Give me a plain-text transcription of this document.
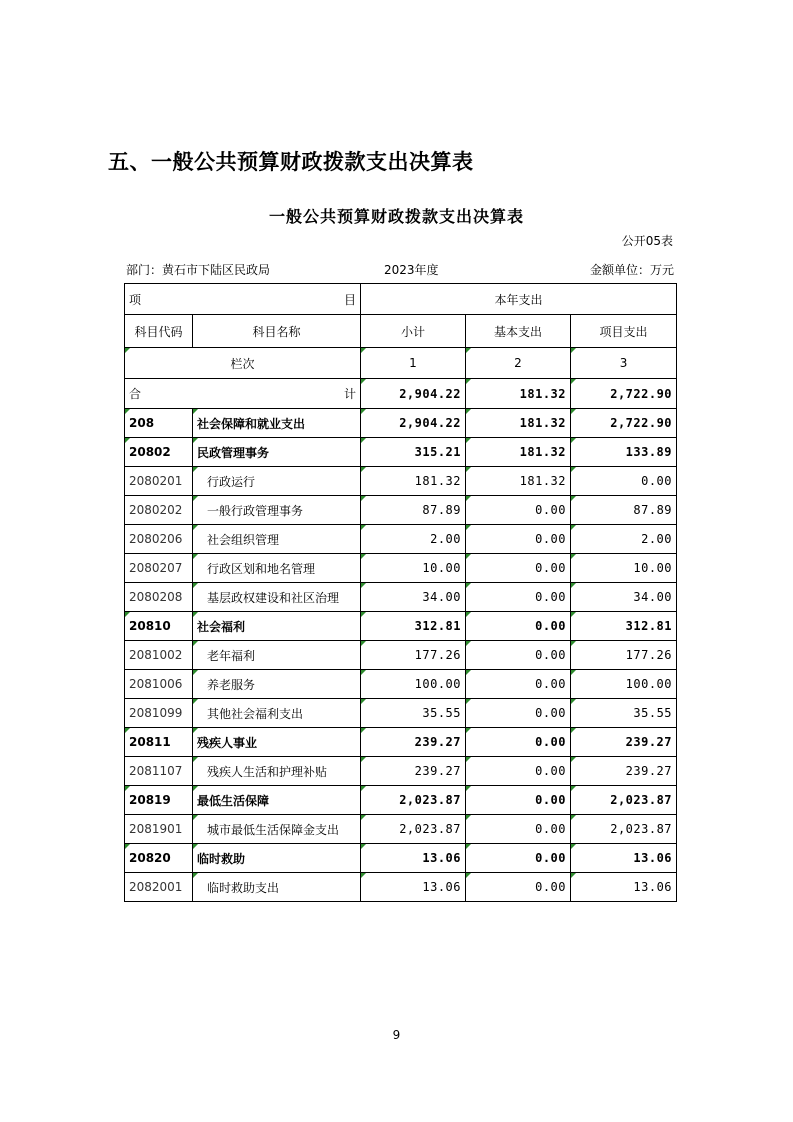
五、一般公共预算财政拨款支出决算表
一般公共预算财政拨款支出决算表
公开05表
部门：黄石市下陆区民政局	2023年度	金额单位：万元
项 目		本年支出		
科目代码	科目名称	小计	基本支出	项目支出
栏次		1	2	3

合 计		2,904.22	181.32	2,722.90
208	社会保障和就业支出	2,904.22	181.32	2,722.90
20802	民政管理事务	315.21	181.32	133.89
2080201	行政运行	181.32	181.32	0.00
2080202	一般行政管理事务	87.89	0.00	87.89
2080206	社会组织管理	2.00	0.00	2.00
2080207	行政区划和地名管理	10.00	0.00	10.00
2080208	基层政权建设和社区治理	34.00	0.00	34.00
20810	社会福利	312.81	0.00	312.81
2081002	老年福利	177.26	0.00	177.26
2081006	养老服务	100.00	0.00	100.00
2081099	其他社会福利支出	35.55	0.00	35.55
20811	残疾人事业	239.27	0.00	239.27
2081107	残疾人生活和护理补贴	239.27	0.00	239.27
20819	最低生活保障	2,023.87	0.00	2,023.87
2081901	城市最低生活保障金支出	2,023.87	0.00	2,023.87
20820	临时救助	13.06	0.00	13.06
2082001	临时救助支出	13.06	0.00	13.06
9
